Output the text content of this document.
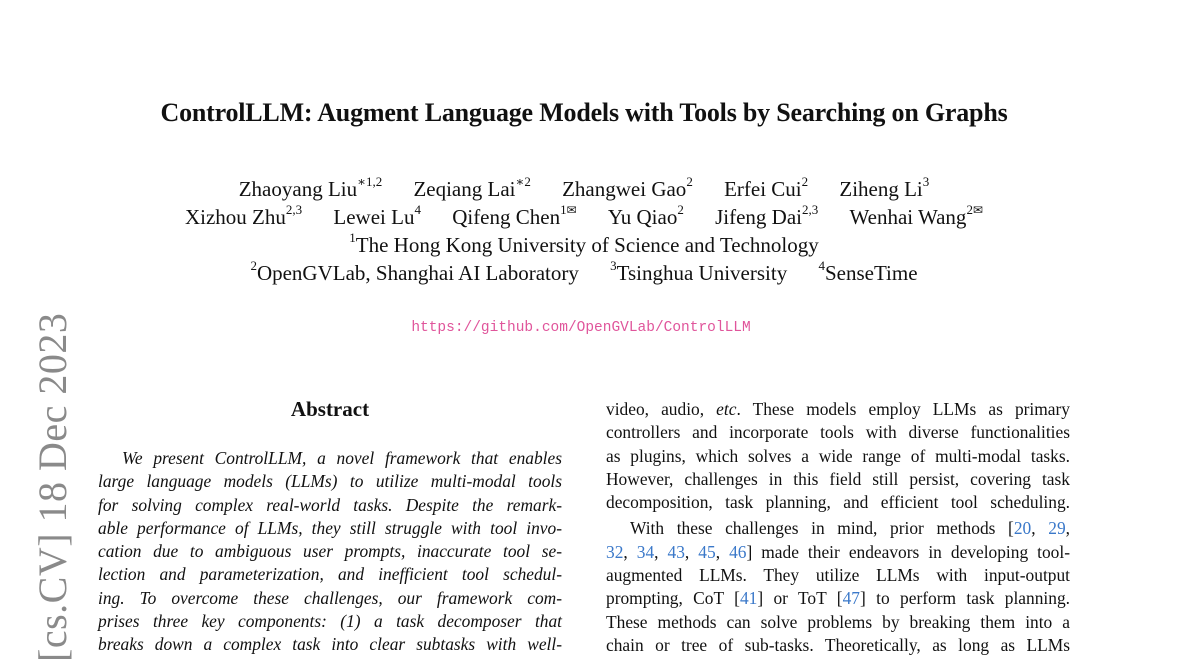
ControlLLM: Augment Language Models with Tools by Searching on Graphs
Zhaoyang Liu$^{∗1,2}$ Zeqiang Lai$^{∗2}$ Zhangwei Gao$^2$ Erfei Cui$^2$ Ziheng Li$^3$
Xizhou Zhu$^{2,3}$ Lewei Lu$^4$ Qifeng Chen$^{1✉}$ Yu Qiao$^2$ Jifeng Dai$^{2,3}$ Wenhai Wang$^{2✉}$
$^1$The Hong Kong University of Science and Technology
$^2$OpenGVLab, Shanghai AI Laboratory $^3$Tsinghua University $^4$SenseTime
https://github.com/OpenGVLab/ControlLLM
[cs.CV] 18 Dec 2023	Abstract
We present ControlLLM, a novel framework that enables
large language models (LLMs) to utilize multi-modal tools
for solving complex real-world tasks. Despite the remark-
able performance of LLMs, they still struggle with tool invo-
cation due to ambiguous user prompts, inaccurate tool se-
lection and parameterization, and inefficient tool schedul-
ing. To overcome these challenges, our framework com-
prises three key components: (1) a task decomposer that
breaks down a complex task into clear subtasks with well-
video, audio, etc. These models employ LLMs as primary
controllers and incorporate tools with diverse functionalities
as plugins, which solves a wide range of multi-modal tasks.
However, challenges in this field still persist, covering task
decomposition, task planning, and efficient tool scheduling.
With these challenges in mind, prior methods [20, 29,
32, 34, 43, 45, 46] made their endeavors in developing tool-
augmented LLMs. They utilize LLMs with input-output
prompting, CoT [41] or ToT [47] to perform task planning.
These methods can solve problems by breaking them into a
chain or tree of sub-tasks. Theoretically, as long as LLMs
